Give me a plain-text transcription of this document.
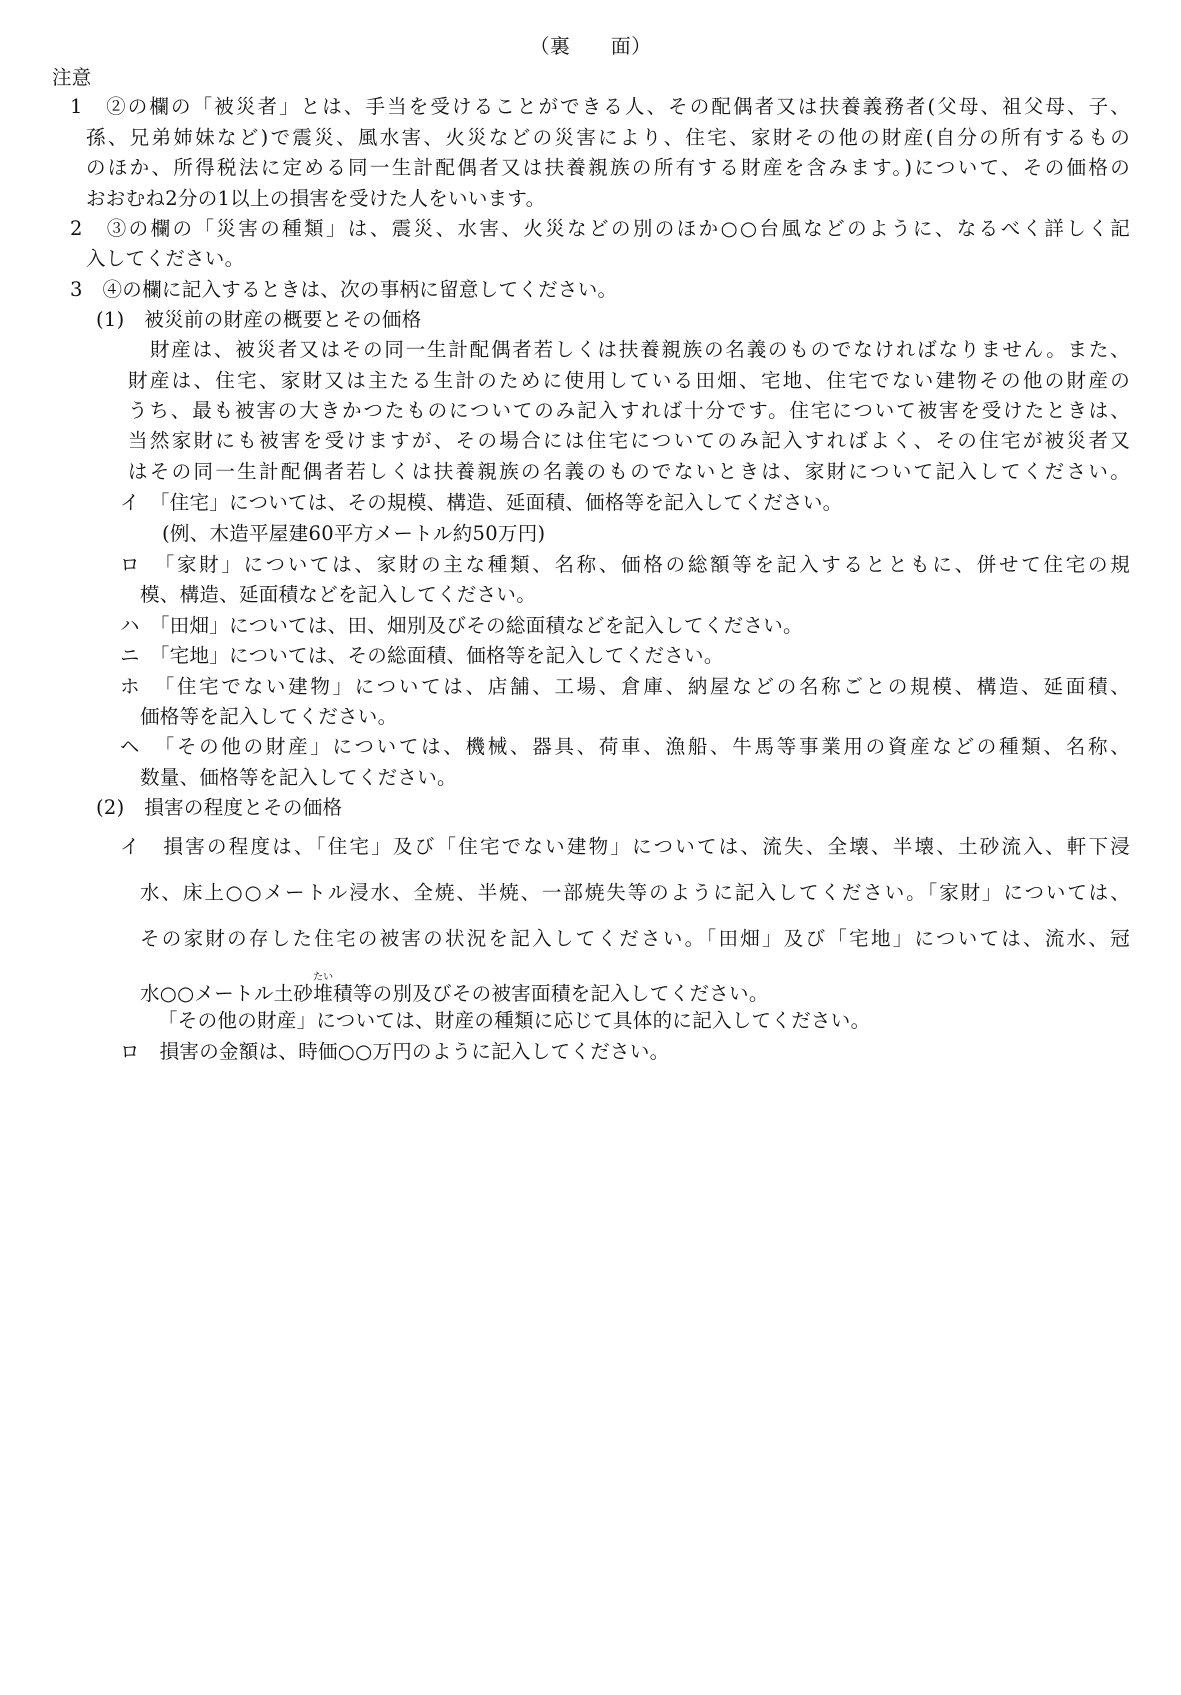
（裏　　面）
注意
1　②の欄の「被災者」とは、手当を受けることができる人、その配偶者又は扶養義務者(父母、祖父母、子、
孫、兄弟姉妹など)で震災、風水害、火災などの災害により、住宅、家財その他の財産(自分の所有するもの
のほか、所得税法に定める同一生計配偶者又は扶養親族の所有する財産を含みます。)について、その価格の
おおむね2分の1以上の損害を受けた人をいいます。
2　③の欄の「災害の種類」は、震災、水害、火災などの別のほか○○台風などのように、なるべく詳しく記
入してください。
3　④の欄に記入するときは、次の事柄に留意してください。
(1)　被災前の財産の概要とその価格
財産は、被災者又はその同一生計配偶者若しくは扶養親族の名義のものでなければなりません。また、
財産は、住宅、家財又は主たる生計のために使用している田畑、宅地、住宅でない建物その他の財産の
うち、最も被害の大きかつたものについてのみ記入すれば十分です。住宅について被害を受けたときは、
当然家財にも被害を受けますが、その場合には住宅についてのみ記入すればよく、その住宅が被災者又
はその同一生計配偶者若しくは扶養親族の名義のものでないときは、家財について記入してください。
イ　「住宅」については、その規模、構造、延面積、価格等を記入してください。
(例、木造平屋建60平方メートル約50万円)
ロ　「家財」については、家財の主な種類、名称、価格の総額等を記入するとともに、併せて住宅の規
模、構造、延面積などを記入してください。
ハ　「田畑」については、田、畑別及びその総面積などを記入してください。
ニ　「宅地」については、その総面積、価格等を記入してください。
ホ　「住宅でない建物」については、店舗、工場、倉庫、納屋などの名称ごとの規模、構造、延面積、
価格等を記入してください。
ヘ　「その他の財産」については、機械、器具、荷車、漁船、牛馬等事業用の資産などの種類、名称、
数量、価格等を記入してください。
(2)　損害の程度とその価格
イ　損害の程度は、「住宅」及び「住宅でない建物」については、流失、全壊、半壊、土砂流入、軒下浸
水、床上○○メートル浸水、全焼、半焼、一部焼失等のように記入してください。「家財」については、
その家財の存した住宅の被害の状況を記入してください。「田畑」及び「宅地」については、流水、冠
水○○メートル土砂堆たい積等の別及びその被害面積を記入してください。
「その他の財産」については、財産の種類に応じて具体的に記入してください。
ロ　損害の金額は、時価○○万円のように記入してください。
